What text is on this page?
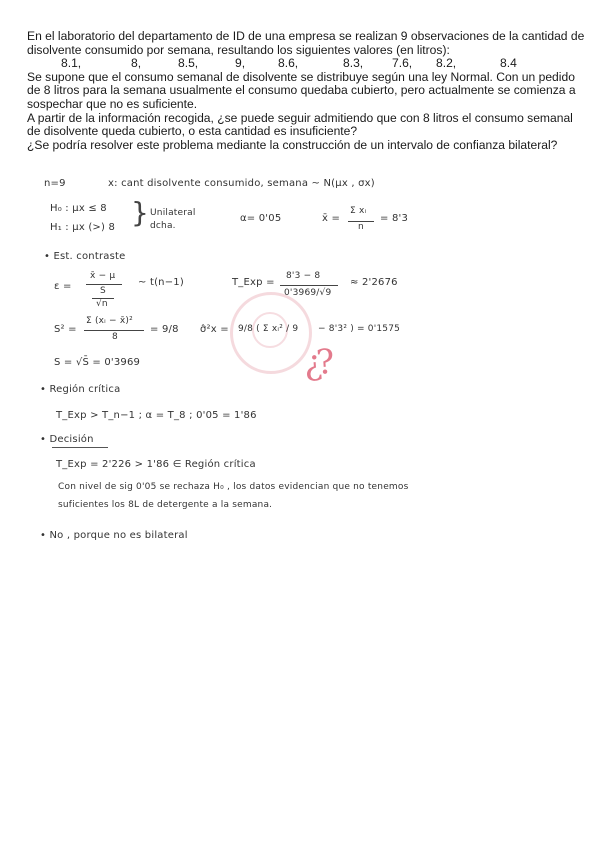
En el laboratorio del departamento de ID de una empresa se realizan 9 observaciones de la cantidad de disolvente consumido por semana, resultando los siguientes valores (en litros):

8.1,	8,	8.5,	9,	8.6,	8.3,	7.6,	8.2,	8.4

Se supone que el consumo semanal de disolvente se distribuye según una ley Normal. Con un pedido de 8 litros para la semana usualmente el consumo quedaba cubierto, pero actualmente se comienza a sospechar que no es suficiente.

A partir de la información recogida, ¿se puede seguir admitiendo que con 8 litros el consumo semanal de disolvente queda cubierto, o esta cantidad es insuficiente?

¿Se podría resolver este problema mediante la construcción de un intervalo de confianza bilateral?

n=9	x: cant disolvente consumido, semana ~ N(μx , σx)
H₀ : μx ≤ 8
H₁ : μx (>) 8 } Unilateral
dcha.
α= 0'05	x̄ =
Σ xᵢ
n
= 8'3
• Est. contraste
ε =
x̄ − μ
S
√n
~ t(n−1)	T_Exp =
8'3 − 8
0'3969/√9
≈ 2'2676
S² =
Σ (xᵢ − x̄)²
8
= 9/8 σ̂²x = 9/8 ( Σ xᵢ² / 9 − 8'3² ) = 0'1575
¿?
S = √S̄ = 0'3969
• Región crítica
T_Exp > T_n−1 ; α = T_8 ; 0'05 = 1'86
• Decisión
T_Exp = 2'226 > 1'86 ∈ Región crítica
Con nivel de sig 0'05 se rechaza H₀ , los datos evidencian que no tenemos
suficientes los 8L de detergente a la semana.
• No , porque no es bilateral
